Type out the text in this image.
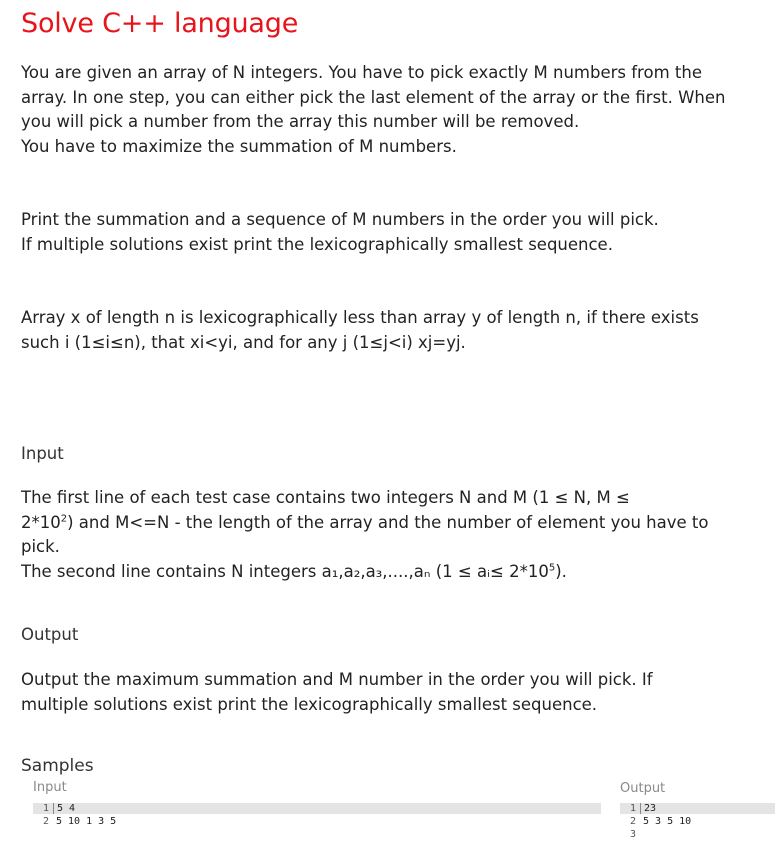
Solve C++ language
You are given an array of N integers. You have to pick exactly M numbers from the
array. In one step, you can either pick the last element of the array or the first. When
you will pick a number from the array this number will be removed.
You have to maximize the summation of M numbers.
Print the summation and a sequence of M numbers in the order you will pick.
If multiple solutions exist print the lexicographically smallest sequence.
Array x of length n is lexicographically less than array y of length n, if there exists
such i (1≤i≤n), that xi<yi, and for any j (1≤j<i) xj=yj.
Input
The first line of each test case contains two integers N and M (1 ≤ N, M ≤
$2*10^2$) and M<=N - the length of the array and the number of element you have to
pick.
The second line contains N integers a₁,a₂,a₃,....,aₙ (1 ≤ aᵢ≤ $2*10^5$).
Output
Output the maximum summation and M number in the order you will pick. If
multiple solutions exist print the lexicographically smallest sequence.
Samples
Input	Output
1 5 4
2 5 10 1 3 5
1 23
2 5 3 5 10
3
